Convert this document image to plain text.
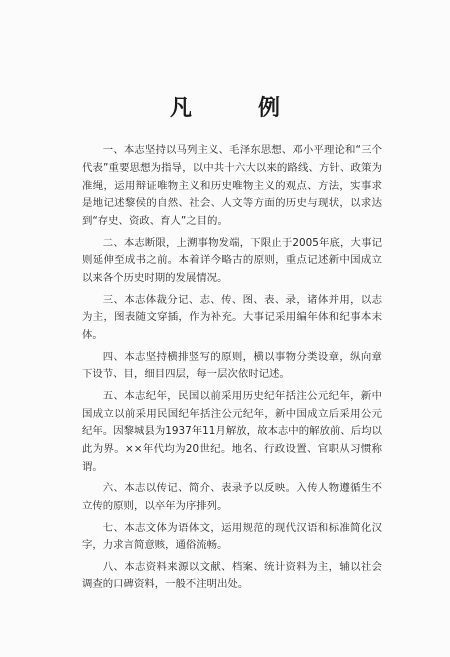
凡　例

一、本志坚持以马列主义、毛泽东思想、邓小平理论和“三个代表”重要思想为指导，以中共十六大以来的路线、方针、政策为准绳，运用辩证唯物主义和历史唯物主义的观点、方法，实事求是地记述黎侯的自然、社会、人文等方面的历史与现状，以求达到“存史、资政、育人”之目的。

二、本志断限，上溯事物发端，下限止于2005年底，大事记则延伸至成书之前。本着详今略古的原则，重点记述新中国成立以来各个历史时期的发展情况。

三、本志体裁分记、志、传、图、表、录，诸体并用，以志为主，图表随文穿插，作为补充。大事记采用编年体和纪事本末体。

四、本志坚持横排竖写的原则，横以事物分类设章，纵向章下设节、目，细目四层，每一层次依时记述。

五、本志纪年，民国以前采用历史纪年括注公元纪年，新中国成立以前采用民国纪年括注公元纪年，新中国成立后采用公元纪年。因黎城县为1937年11月解放，故本志中的解放前、后均以此为界。××年代均为20世纪。地名、行政设置、官职从习惯称谓。

六、本志以传记、简介、表录予以反映。入传人物遵循生不立传的原则，以卒年为序排列。

七、本志文体为语体文，运用规范的现代汉语和标准简化汉字，力求言简意赅，通俗流畅。

八、本志资料来源以文献、档案、统计资料为主，辅以社会调查的口碑资料，一般不注明出处。
